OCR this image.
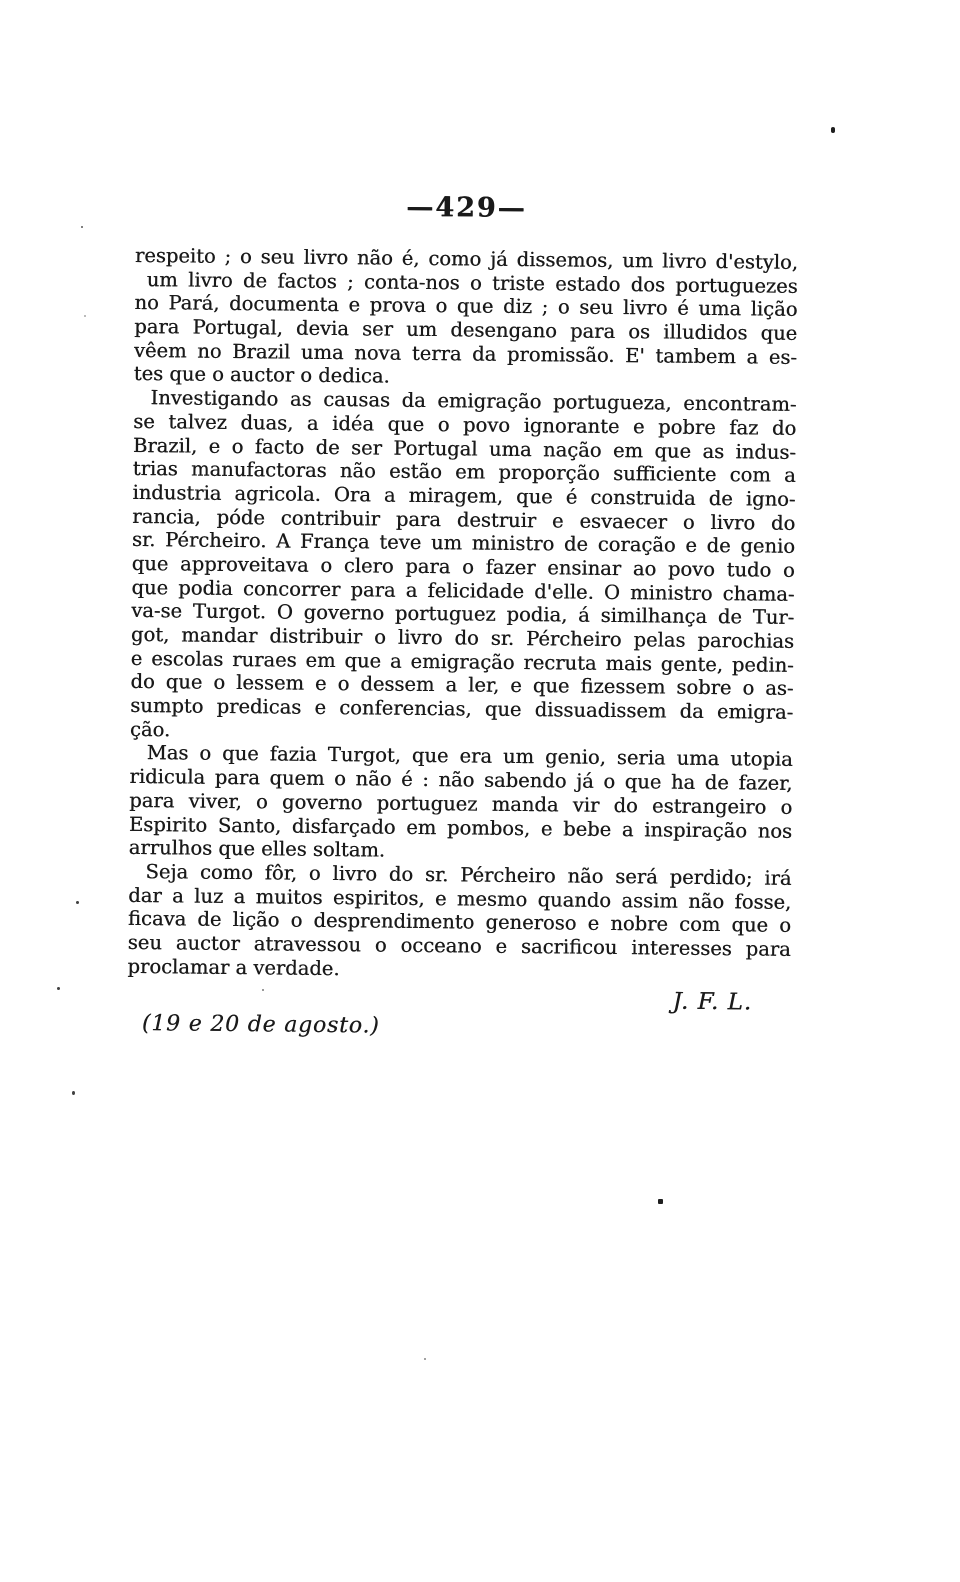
—429—

respeito ; o seu livro não é, como já dissemos, um livro d'estylo,
um livro de factos ; conta-nos o triste estado dos portuguezes
no Pará, documenta e prova o que diz ; o seu livro é uma lição
para Portugal, devia ser um desengano para os illudidos que
vêem no Brazil uma nova terra da promissão. E' tambem a es-
tes que o auctor o dedica.

Investigando as causas da emigração portugueza, encontram-
se talvez duas, a idéa que o povo ignorante e pobre faz do
Brazil, e o facto de ser Portugal uma nação em que as indus-
trias manufactoras não estão em proporção sufficiente com a
industria agricola. Ora a miragem, que é construida de igno-
rancia, póde contribuir para destruir e esvaecer o livro do
sr. Pércheiro. A França teve um ministro de coração e de genio
que approveitava o clero para o fazer ensinar ao povo tudo o
que podia concorrer para a felicidade d'elle. O ministro chama-
va-se Turgot. O governo portuguez podia, á similhança de Tur-
got, mandar distribuir o livro do sr. Pércheiro pelas parochias
e escolas ruraes em que a emigração recruta mais gente, pedin-
do que o lessem e o dessem a ler, e que fizessem sobre o as-
sumpto predicas e conferencias, que dissuadissem da emigra-
ção.

Mas o que fazia Turgot, que era um genio, seria uma utopia
ridicula para quem o não é : não sabendo já o que ha de fazer,
para viver, o governo portuguez manda vir do estrangeiro o
Espirito Santo, disfarçado em pombos, e bebe a inspiração nos
arrulhos que elles soltam.

Seja como fôr, o livro do sr. Pércheiro não será perdido; irá
dar a luz a muitos espiritos, e mesmo quando assim não fosse,
ficava de lição o desprendimento generoso e nobre com que o
seu auctor atravessou o occeano e sacrificou interesses para
proclamar a verdade.

J. F. L.
(19 e 20 de agosto.)
